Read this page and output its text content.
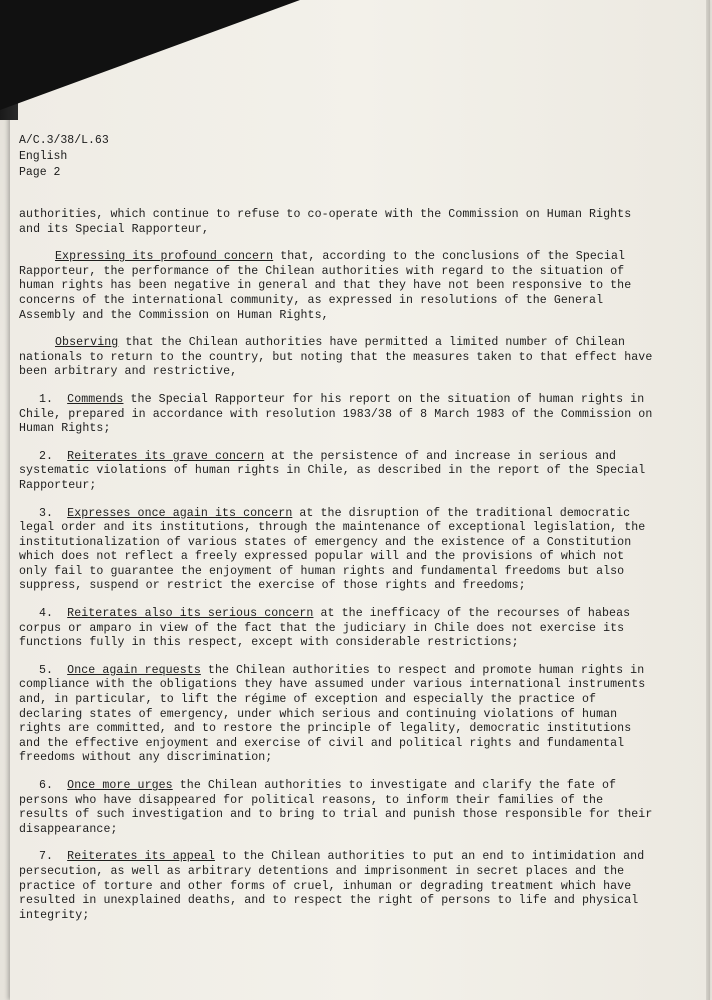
A/C.3/38/L.63
English
Page 2

authorities, which continue to refuse to co-operate with the Commission on Human Rights and its Special Rapporteur,

Expressing its profound concern that, according to the conclusions of the Special Rapporteur, the performance of the Chilean authorities with regard to the situation of human rights has been negative in general and that they have not been responsive to the concerns of the international community, as expressed in resolutions of the General Assembly and the Commission on Human Rights,

Observing that the Chilean authorities have permitted a limited number of Chilean nationals to return to the country, but noting that the measures taken to that effect have been arbitrary and restrictive,

1. Commends the Special Rapporteur for his report on the situation of human rights in Chile, prepared in accordance with resolution 1983/38 of 8 March 1983 of the Commission on Human Rights;

2. Reiterates its grave concern at the persistence of and increase in serious and systematic violations of human rights in Chile, as described in the report of the Special Rapporteur;

3. Expresses once again its concern at the disruption of the traditional democratic legal order and its institutions, through the maintenance of exceptional legislation, the institutionalization of various states of emergency and the existence of a Constitution which does not reflect a freely expressed popular will and the provisions of which not only fail to guarantee the enjoyment of human rights and fundamental freedoms but also suppress, suspend or restrict the exercise of those rights and freedoms;

4. Reiterates also its serious concern at the inefficacy of the recourses of habeas corpus or amparo in view of the fact that the judiciary in Chile does not exercise its functions fully in this respect, except with considerable restrictions;

5. Once again requests the Chilean authorities to respect and promote human rights in compliance with the obligations they have assumed under various international instruments and, in particular, to lift the régime of exception and especially the practice of declaring states of emergency, under which serious and continuing violations of human rights are committed, and to restore the principle of legality, democratic institutions and the effective enjoyment and exercise of civil and political rights and fundamental freedoms without any discrimination;

6. Once more urges the Chilean authorities to investigate and clarify the fate of persons who have disappeared for political reasons, to inform their families of the results of such investigation and to bring to trial and punish those responsible for their disappearance;

7. Reiterates its appeal to the Chilean authorities to put an end to intimidation and persecution, as well as arbitrary detentions and imprisonment in secret places and the practice of torture and other forms of cruel, inhuman or degrading treatment which have resulted in unexplained deaths, and to respect the right of persons to life and physical integrity;
